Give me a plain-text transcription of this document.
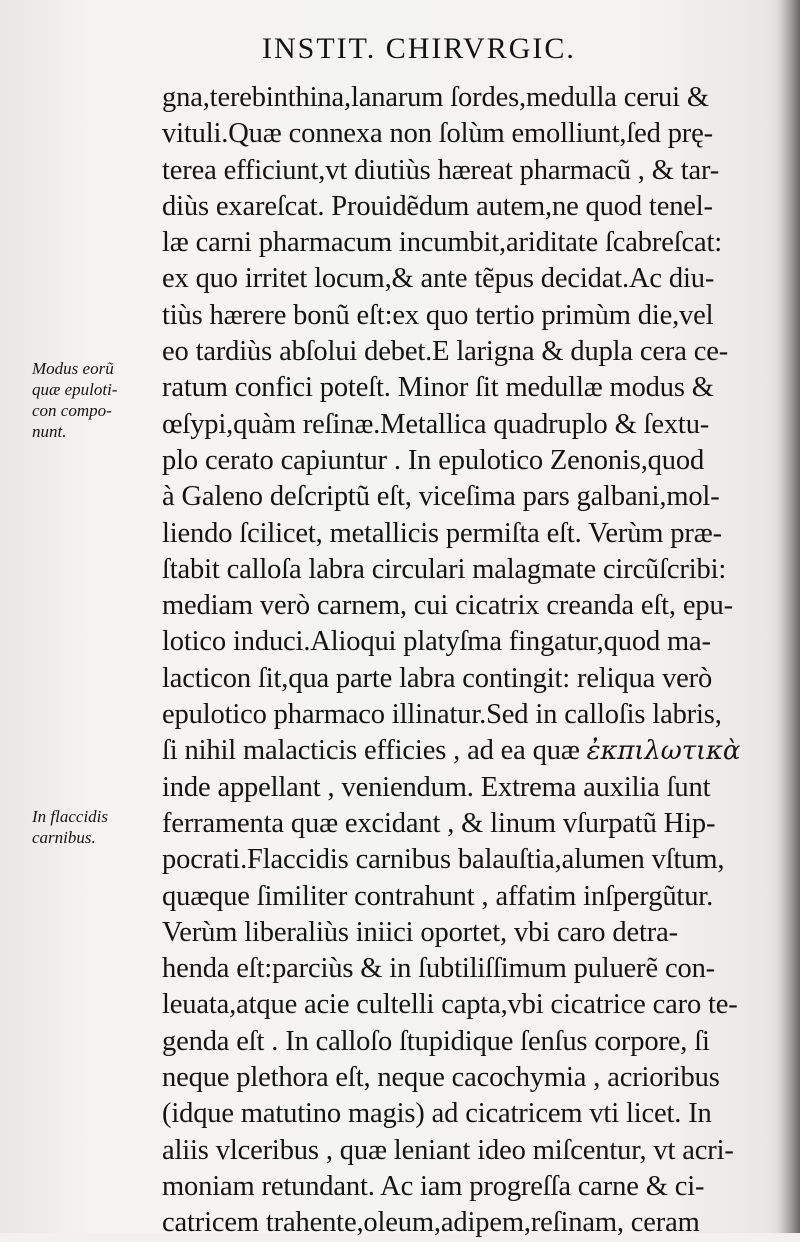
INSTIT. CHIRVRGIC.
Modus eorũ
quæ epuloti-
con compo-
nunt.
In flaccidis
carnibus.
gna,terebinthina,lanarum ſordes,medulla cerui &
vituli.Quæ connexa non ſolùm emolliunt,ſed prę-
terea efficiunt,vt diutiùs hæreat pharmacũ , & tar-
diùs exareſcat. Prouidẽdum autem,ne quod tenel-
læ carni pharmacum incumbit,ariditate ſcabreſcat:
ex quo irritet locum,& ante tẽpus decidat.Ac diu-
tiùs hærere bonũ eſt:ex quo tertio primùm die,vel
eo tardiùs abſolui debet.E larigna & dupla cera ce-
ratum confici poteſt. Minor ſit medullæ modus &
œſypi,quàm reſinæ.Metallica quadruplo & ſextu-
plo cerato capiuntur . In epulotico Zenonis,quod
à Galeno deſcriptũ eſt, viceſima pars galbani,mol-
liendo ſcilicet, metallicis permiſta eſt. Verùm præ-
ſtabit calloſa labra circulari malagmate circũſcribi:
mediam verò carnem, cui cicatrix creanda eſt, epu-
lotico induci.Alioqui platyſma fingatur,quod ma-
lacticon ſit,qua parte labra contingit: reliqua verò
epulotico pharmaco illinatur.Sed in calloſis labris,
ſi nihil malacticis efficies , ad ea quæ ἐκπιλωτικὰ
inde appellant , veniendum. Extrema auxilia ſunt
ferramenta quæ excidant , & linum vſurpatũ Hip-
pocrati.Flaccidis carnibus balauſtia,alumen vſtum,
quæque ſimiliter contrahunt , affatim inſpergũtur.
Verùm liberaliùs iniici oportet, vbi caro detra-
henda eſt:parciùs & in ſubtiliſſimum puluerẽ con-
leuata,atque acie cultelli capta,vbi cicatrice caro te-
genda eſt . In calloſo ſtupidique ſenſus corpore, ſi
neque plethora eſt, neque cacochymia , acrioribus
(idque matutino magis) ad cicatricem vti licet. In
aliis vlceribus , quæ leniant ideo miſcentur, vt acri-
moniam retundant. Ac iam progreſſa carne & ci-
catricem trahente,oleum,adipem,reſinam, ceram
